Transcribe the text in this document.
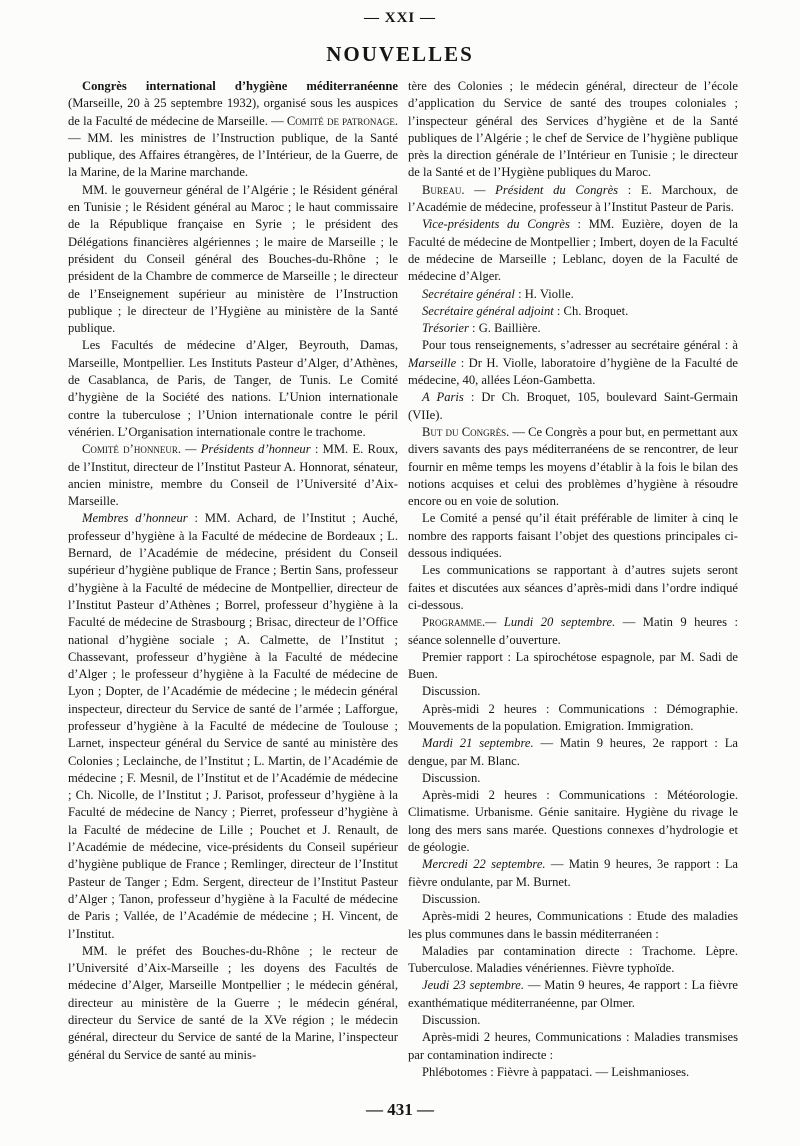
— XXI —
NOUVELLES

Congrès international d’hygiène méditerranéenne (Marseille, 20 à 25 septembre 1932), organisé sous les auspices de la Faculté de médecine de Marseille. — Comité de patronage. — MM. les ministres de l’Instruction publique, de la Santé publique, des Affaires étrangères, de l’Intérieur, de la Guerre, de la Marine, de la Marine marchande.

MM. le gouverneur général de l’Algérie ; le Résident général en Tunisie ; le Résident général au Maroc ; le haut commissaire de la République française en Syrie ; le président des Délégations financières algériennes ; le maire de Marseille ; le président du Conseil général des Bouches-du-Rhône ; le président de la Chambre de commerce de Marseille ; le directeur de l’Enseignement supérieur au ministère de l’Instruction publique ; le directeur de l’Hygiène au ministère de la Santé publique.

Les Facultés de médecine d’Alger, Beyrouth, Damas, Marseille, Montpellier. Les Instituts Pasteur d’Alger, d’Athènes, de Casablanca, de Paris, de Tanger, de Tunis. Le Comité d’hygiène de la Société des nations. L’Union internationale contre la tuberculose ; l’Union internationale contre le péril vénérien. L’Organisation internationale contre le trachome.

Comité d’honneur. — Présidents d’honneur : MM. E. Roux, de l’Institut, directeur de l’Institut Pasteur A. Honnorat, sénateur, ancien ministre, membre du Conseil de l’Université d’Aix-Marseille.

Membres d’honneur : MM. Achard, de l’Institut ; Auché, professeur d’hygiène à la Faculté de médecine de Bordeaux ; L. Bernard, de l’Académie de médecine, président du Conseil supérieur d’hygiène publique de France ; Bertin Sans, professeur d’hygiène à la Faculté de médecine de Montpellier, directeur de l’Institut Pasteur d’Athènes ; Borrel, professeur d’hygiène à la Faculté de médecine de Strasbourg ; Brisac, directeur de l’Office national d’hygiène sociale ; A. Calmette, de l’Institut ; Chassevant, professeur d’hygiène à la Faculté de médecine d’Alger ; le professeur d’hygiène à la Faculté de médecine de Lyon ; Dopter, de l’Académie de médecine ; le médecin général inspecteur, directeur du Service de santé de l’armée ; Lafforgue, professeur d’hygiène à la Faculté de médecine de Toulouse ; Larnet, inspecteur général du Service de santé au ministère des Colonies ; Leclainche, de l’Institut ; L. Martin, de l’Académie de médecine ; F. Mesnil, de l’Institut et de l’Académie de médecine ; Ch. Nicolle, de l’Institut ; J. Parisot, professeur d’hygiène à la Faculté de médecine de Nancy ; Pierret, professeur d’hygiène à la Faculté de médecine de Lille ; Pouchet et J. Renault, de l’Académie de médecine, vice-présidents du Conseil supérieur d’hygiène publique de France ; Remlinger, directeur de l’Institut Pasteur de Tanger ; Edm. Sergent, directeur de l’Institut Pasteur d’Alger ; Tanon, professeur d’hygiène à la Faculté de médecine de Paris ; Vallée, de l’Académie de médecine ; H. Vincent, de l’Institut.

MM. le préfet des Bouches-du-Rhône ; le recteur de l’Université d’Aix-Marseille ; les doyens des Facultés de médecine d’Alger, Marseille Montpellier ; le médecin général, directeur au ministère de la Guerre ; le médecin général, directeur du Service de santé de la XVe région ; le médecin général, directeur du Service de santé de la Marine, l’inspecteur général du Service de santé au minis-

tère des Colonies ; le médecin général, directeur de l’école d’application du Service de santé des troupes coloniales ; l’inspecteur général des Services d’hygiène et de la Santé publiques de l’Algérie ; le chef de Service de l’hygiène publique près la direction générale de l’Intérieur en Tunisie ; le directeur de la Santé et de l’Hygiène publiques du Maroc.

Bureau. — Président du Congrès : E. Marchoux, de l’Académie de médecine, professeur à l’Institut Pasteur de Paris.

Vice-présidents du Congrès : MM. Euzière, doyen de la Faculté de médecine de Montpellier ; Imbert, doyen de la Faculté de médecine de Marseille ; Leblanc, doyen de la Faculté de médecine d’Alger.

Secrétaire général : H. Violle.

Secrétaire général adjoint : Ch. Broquet.

Trésorier : G. Baillière.

Pour tous renseignements, s’adresser au secrétaire général : à Marseille : Dr H. Violle, laboratoire d’hygiène de la Faculté de médecine, 40, allées Léon-Gambetta.

A Paris : Dr Ch. Broquet, 105, boulevard Saint-Germain (VIIe).

But du Congrès. — Ce Congrès a pour but, en permettant aux divers savants des pays méditerranéens de se rencontrer, de leur fournir en même temps les moyens d’établir à la fois le bilan des notions acquises et celui des problèmes d’hygiène à résoudre encore ou en voie de solution.

Le Comité a pensé qu’il était préférable de limiter à cinq le nombre des rapports faisant l’objet des questions principales ci-dessous indiquées.

Les communications se rapportant à d’autres sujets seront faites et discutées aux séances d’après-midi dans l’ordre indiqué ci-dessous.

Programme.— Lundi 20 septembre. — Matin 9 heures : séance solennelle d’ouverture.

Premier rapport : La spirochétose espagnole, par M. Sadi de Buen.

Discussion.

Après-midi 2 heures : Communications : Démographie. Mouvements de la population. Emigration. Immigration.

Mardi 21 septembre. — Matin 9 heures, 2e rapport : La dengue, par M. Blanc.

Discussion.

Après-midi 2 heures : Communications : Météorologie. Climatisme. Urbanisme. Génie sanitaire. Hygiène du rivage le long des mers sans marée. Questions connexes d’hydrologie et de géologie.

Mercredi 22 septembre. — Matin 9 heures, 3e rapport : La fièvre ondulante, par M. Burnet.

Discussion.

Après-midi 2 heures, Communications : Etude des maladies les plus communes dans le bassin méditerranéen :

Maladies par contamination directe : Trachome. Lèpre. Tuberculose. Maladies vénériennes. Fièvre typhoïde.

Jeudi 23 septembre. — Matin 9 heures, 4e rapport : La fièvre exanthématique méditerranéenne, par Olmer.

Discussion.

Après-midi 2 heures, Communications : Maladies transmises par contamination indirecte :

Phlébotomes : Fièvre à pappataci. — Leishmanioses.

— 431 —
